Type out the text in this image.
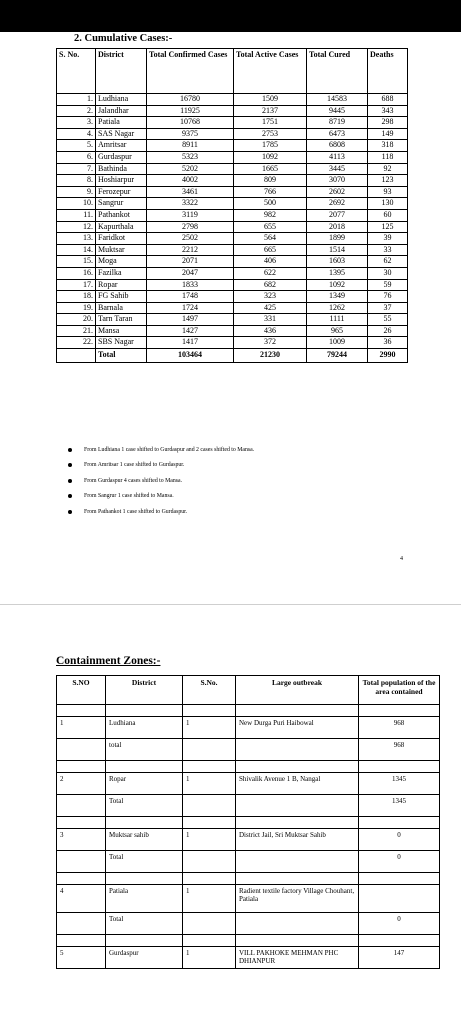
2. Cumulative Cases:-
S. No.	District	Total Confirmed Cases	Total Active Cases	Total Cured	Deaths
1.	Ludhiana	16780	1509	14583	688
2.	Jalandhar	11925	2137	9445	343
3.	Patiala	10768	1751	8719	298
4.	SAS Nagar	9375	2753	6473	149
5.	Amritsar	8911	1785	6808	318
6.	Gurdaspur	5323	1092	4113	118
7.	Bathinda	5202	1665	3445	92
8.	Hoshiarpur	4002	809	3070	123
9.	Ferozepur	3461	766	2602	93
10.	Sangrur	3322	500	2692	130
11.	Pathankot	3119	982	2077	60
12.	Kapurthala	2798	655	2018	125
13.	Faridkot	2502	564	1899	39
14.	Muktsar	2212	665	1514	33
15.	Moga	2071	406	1603	62
16.	Fazilka	2047	622	1395	30
17.	Ropar	1833	682	1092	59
18.	FG Sahib	1748	323	1349	76
19.	Barnala	1724	425	1262	37
20.	Tarn Taran	1497	331	1111	55
21.	Mansa	1427	436	965	26
22.	SBS Nagar	1417	372	1009	36
	Total	103464	21230	79244	2990
From Ludhiana 1 case shifted to Gurdaspur and 2 cases shifted to Mansa.
From Amritsar 1 case shifted to Gurdaspur.
From Gurdaspur 4 cases shifted to Mansa.
From Sangrur 1 case shifted to Mansa.
From Pathankot 1 case shifted to Gurdaspur.
4
Containment Zones:-
S.NO	District	S.No.	Large outbreak	Total population of the area contained

1	Ludhiana	1	New Durga Puri Haibowal	968
	total			968

2	Ropar	1	Shivalik Avenue 1 B, Nangal	1345
	Total			1345

3	Muktsar sahib	1	District Jail, Sri Muktsar Sahib	0
	Total			0

4	Patiala	1	Radient textile factory Village Chouhant, Patiala	
	Total			0

5	Gurdaspur	1	VILL PAKHOKE MEHMAN PHC DHIANPUR	147
